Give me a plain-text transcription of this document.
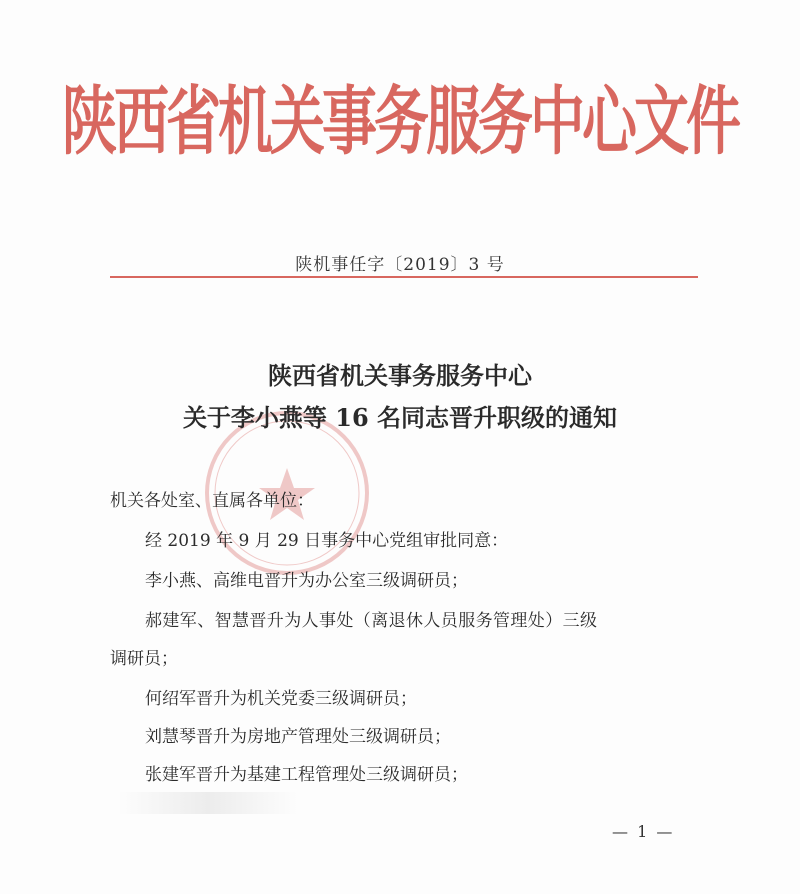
陕西省机关事务服务中心文件
陕机事任字〔2019〕3 号
陕西省机关事务服务中心
关于李小燕等 16 名同志晋升职级的通知
机关各处室、直属各单位：
经 2019 年 9 月 29 日事务中心党组审批同意：
李小燕、高维电晋升为办公室三级调研员；
郝建军、智慧晋升为人事处（离退休人员服务管理处）三级
调研员；
何绍军晋升为机关党委三级调研员；
刘慧琴晋升为房地产管理处三级调研员；
张建军晋升为基建工程管理处三级调研员；
— 1 —
